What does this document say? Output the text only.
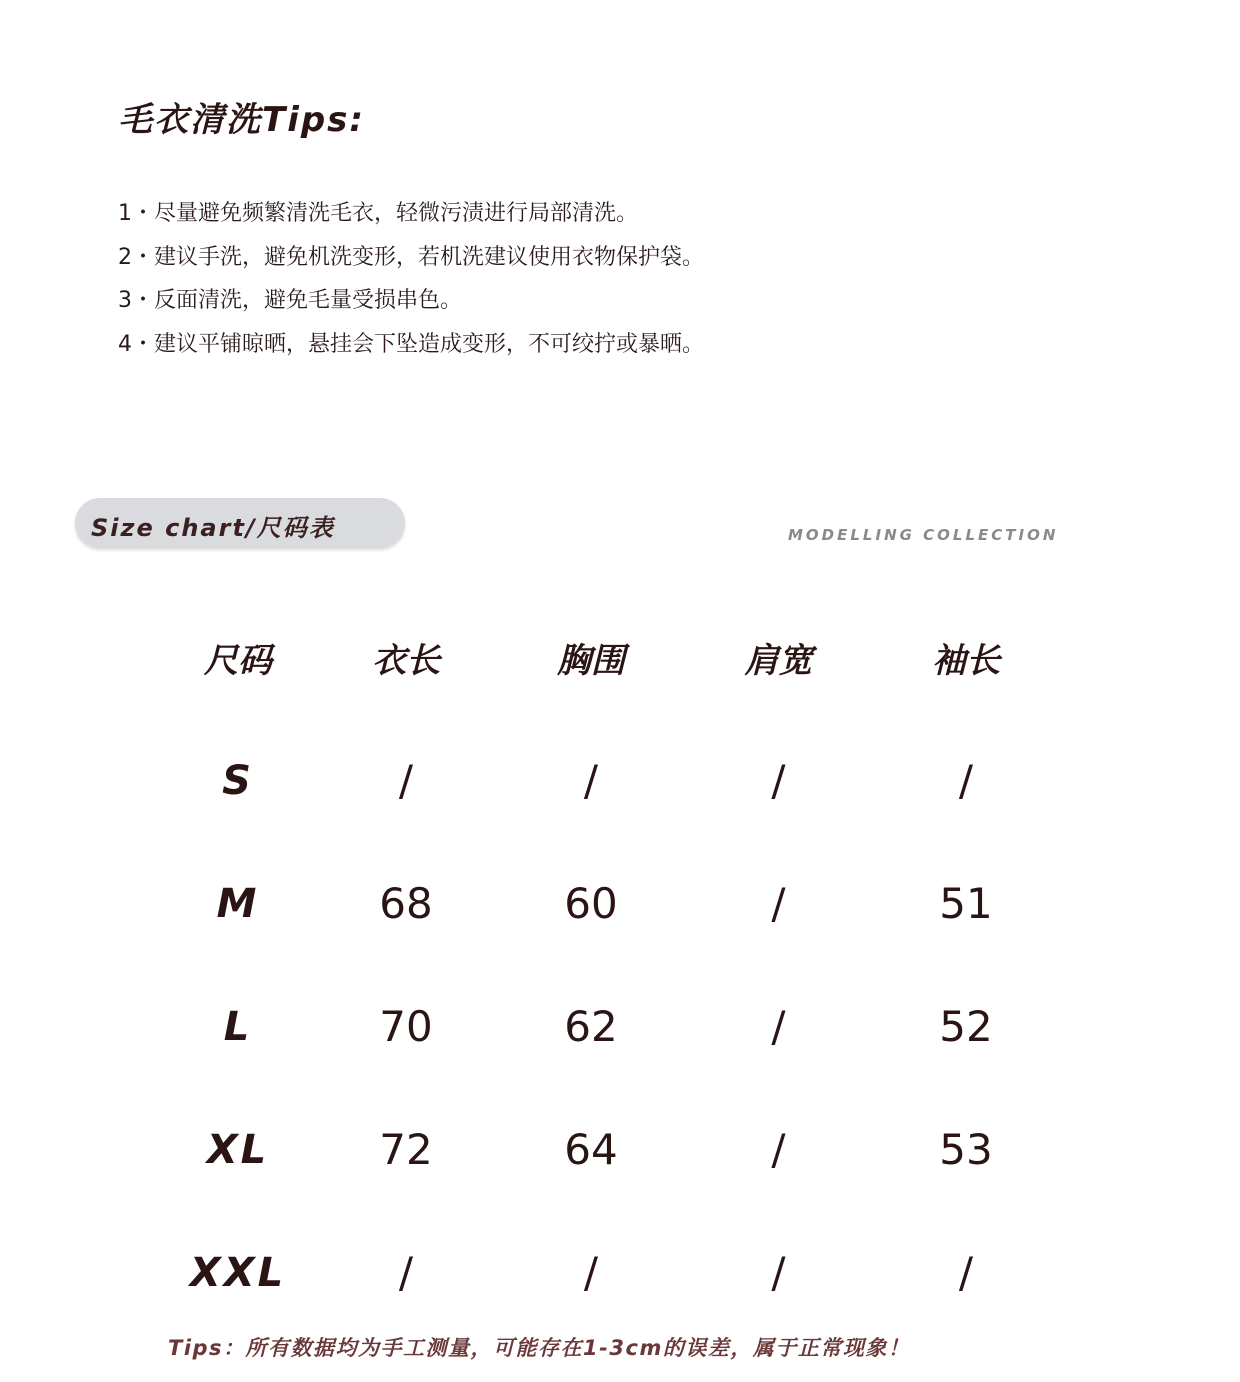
毛衣清洗Tips:
1・尽量避免频繁清洗毛衣，轻微污渍进行局部清洗。
2・建议手洗，避免机洗变形，若机洗建议使用衣物保护袋。
3・反面清洗，避免毛量受损串色。
4・建议平铺晾晒，悬挂会下坠造成变形，不可绞拧或暴晒。
Size chart/尺码表	MODELLING COLLECTION
尺码	衣长	胸围	肩宽	袖长
S	/	/	/	/
M	68	60	/	51
L	70	62	/	52
XL	72	64	/	53
XXL	/	/	/	/
Tips：所有数据均为手工测量，可能存在1-3cm的误差，属于正常现象！
